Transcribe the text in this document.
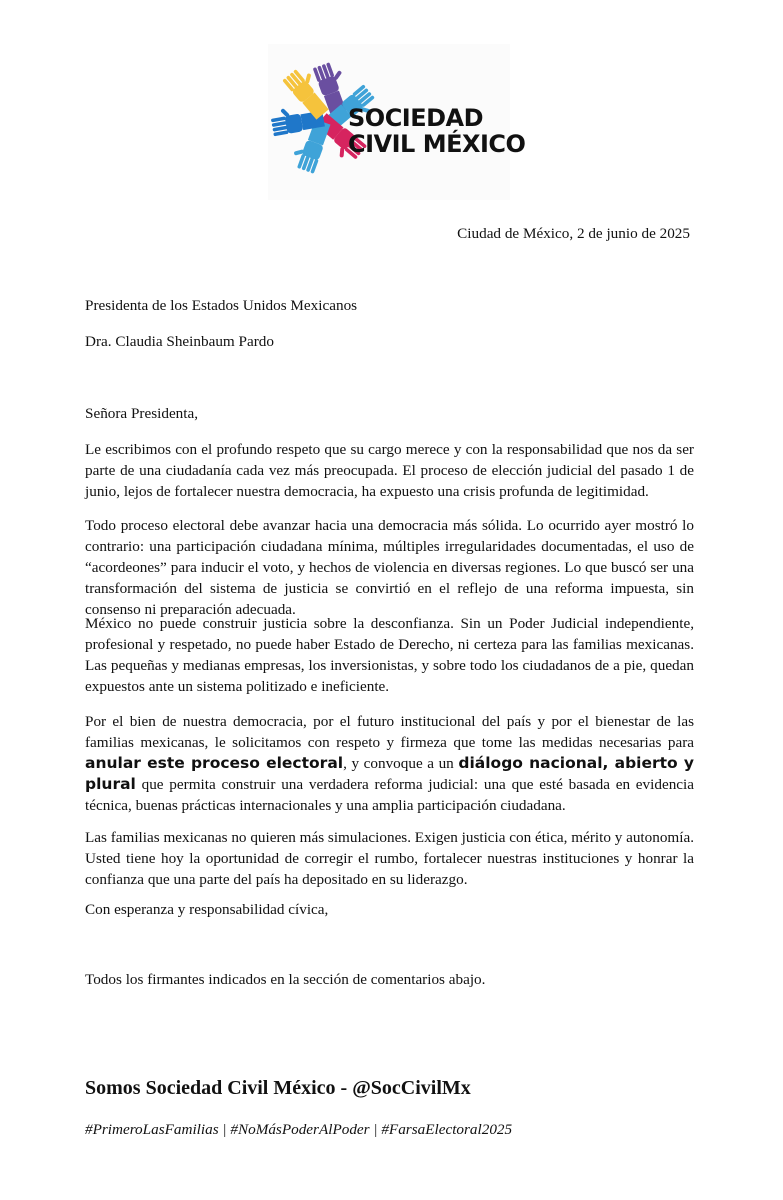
SOCIEDAD
CIVIL MÉXICO

Ciudad de México, 2 de junio de 2025

Presidenta de los Estados Unidos Mexicanos

Dra. Claudia Sheinbaum Pardo

Señora Presidenta,

Le escribimos con el profundo respeto que su cargo merece y con la responsabilidad que nos da ser parte de una ciudadanía cada vez más preocupada. El proceso de elección judicial del pasado 1 de junio, lejos de fortalecer nuestra democracia, ha expuesto una crisis profunda de legitimidad.

Todo proceso electoral debe avanzar hacia una democracia más sólida. Lo ocurrido ayer mostró lo contrario: una participación ciudadana mínima, múltiples irregularidades documentadas, el uso de “acordeones” para inducir el voto, y hechos de violencia en diversas regiones. Lo que buscó ser una transformación del sistema de justicia se convirtió en el reflejo de una reforma impuesta, sin consenso ni preparación adecuada.

México no puede construir justicia sobre la desconfianza. Sin un Poder Judicial independiente, profesional y respetado, no puede haber Estado de Derecho, ni certeza para las familias mexicanas. Las pequeñas y medianas empresas, los inversionistas, y sobre todo los ciudadanos de a pie, quedan expuestos ante un sistema politizado e ineficiente.

Por el bien de nuestra democracia, por el futuro institucional del país y por el bienestar de las familias mexicanas, le solicitamos con respeto y firmeza que tome las medidas necesarias para anular este proceso electoral, y convoque a un diálogo nacional, abierto y plural que permita construir una verdadera reforma judicial: una que esté basada en evidencia técnica, buenas prácticas internacionales y una amplia participación ciudadana.

Las familias mexicanas no quieren más simulaciones. Exigen justicia con ética, mérito y autonomía. Usted tiene hoy la oportunidad de corregir el rumbo, fortalecer nuestras instituciones y honrar la confianza que una parte del país ha depositado en su liderazgo.

Con esperanza y responsabilidad cívica,

Todos los firmantes indicados en la sección de comentarios abajo.

Somos Sociedad Civil México - @SocCivilMx

#PrimeroLasFamilias | #NoMásPoderAlPoder | #FarsaElectoral2025
